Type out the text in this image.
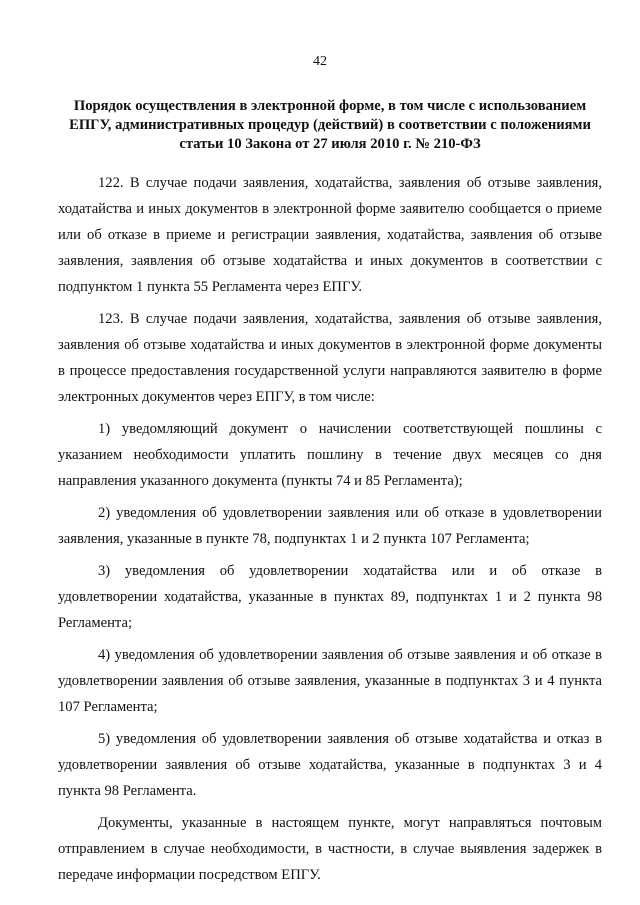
42
Порядок осуществления в электронной форме, в том числе с использованием
ЕПГУ, административных процедур (действий) в соответствии с положениями
статьи 10 Закона от 27 июля 2010 г. № 210-ФЗ

122. В случае подачи заявления, ходатайства, заявления об отзыве заявления, ходатайства и иных документов в электронной форме заявителю сообщается о приеме или об отказе в приеме и регистрации заявления, ходатайства, заявления об отзыве заявления, заявления об отзыве ходатайства и иных документов в соответствии с подпунктом 1 пункта 55 Регламента через ЕПГУ.

123. В случае подачи заявления, ходатайства, заявления об отзыве заявления, заявления об отзыве ходатайства и иных документов в электронной форме документы в процессе предоставления государственной услуги направляются заявителю в форме электронных документов через ЕПГУ, в том числе:

1) уведомляющий документ о начислении соответствующей пошлины с указанием необходимости уплатить пошлину в течение двух месяцев со дня направления указанного документа (пункты 74 и 85 Регламента);

2) уведомления об удовлетворении заявления или об отказе в удовлетворении заявления, указанные в пункте 78, подпунктах 1 и 2 пункта 107 Регламента;

3) уведомления об удовлетворении ходатайства или и об отказе в удовлетворении ходатайства, указанные в пунктах 89, подпунктах 1 и 2 пункта 98 Регламента;

4) уведомления об удовлетворении заявления об отзыве заявления и об отказе в удовлетворении заявления об отзыве заявления, указанные в подпунктах 3 и 4 пункта 107 Регламента;

5) уведомления об удовлетворении заявления об отзыве ходатайства и отказ в удовлетворении заявления об отзыве ходатайства, указанные в подпунктах 3 и 4 пункта 98 Регламента.

Документы, указанные в настоящем пункте, могут направляться почтовым отправлением в случае необходимости, в частности, в случае выявления задержек в передаче информации посредством ЕПГУ.
